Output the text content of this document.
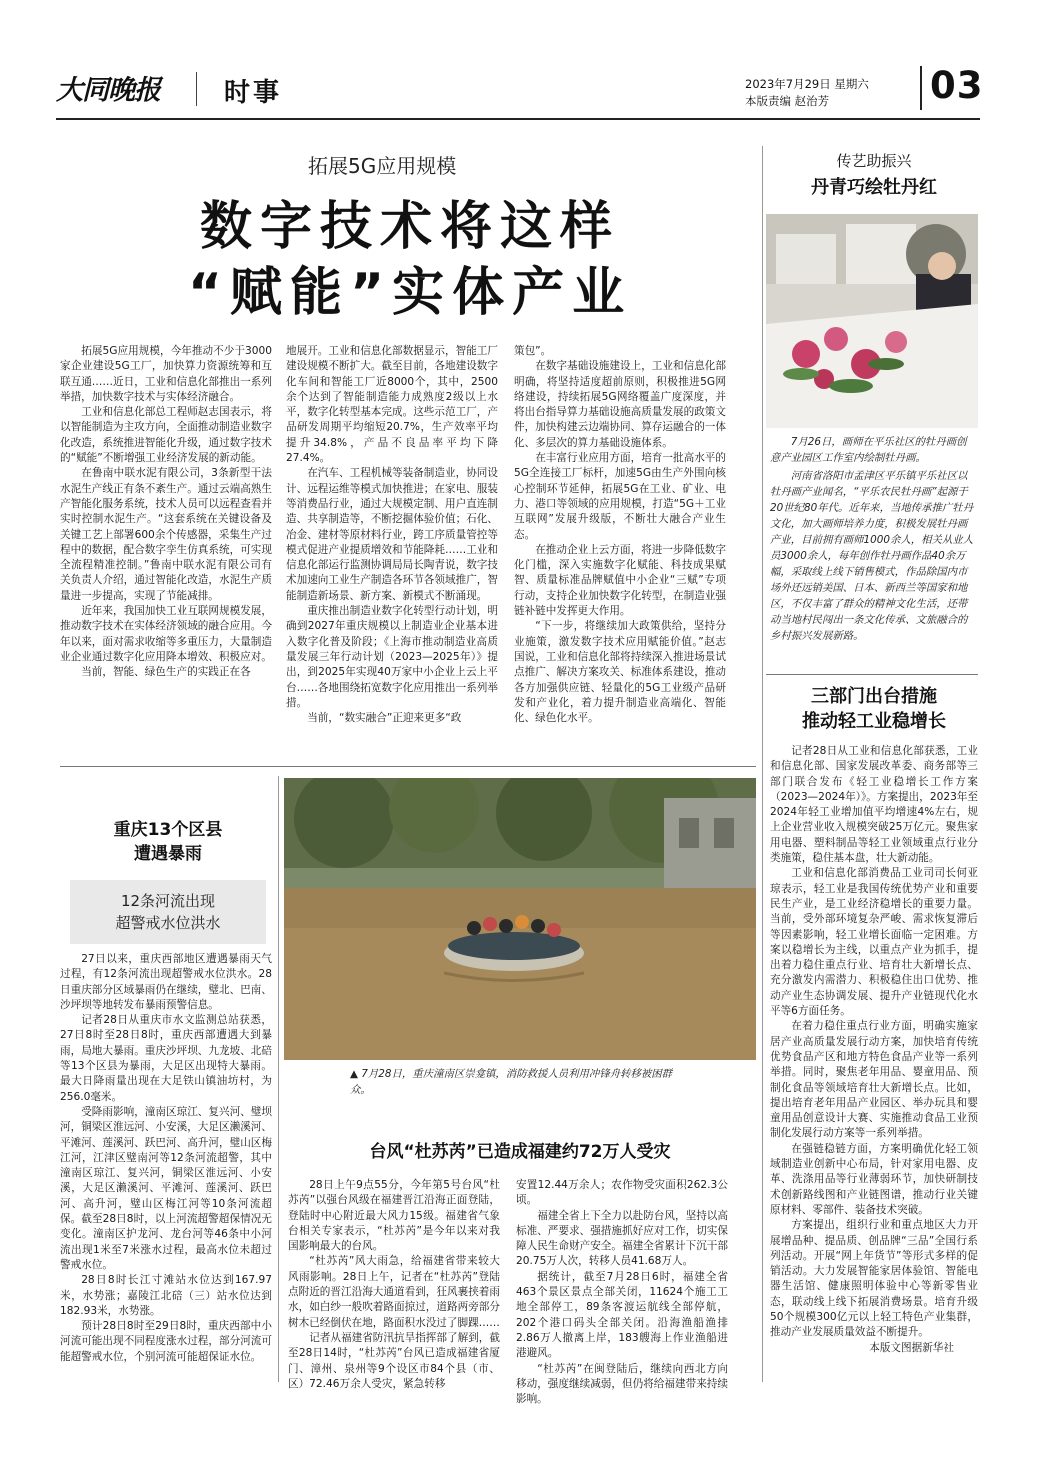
大同晚报	时事	2023年7月29日 星期六
本版责编 赵治芳	03
拓展5G应用规模
数字技术将这样
“赋能”实体产业

拓展5G应用规模，今年推动不少于3000家企业建设5G工厂，加快算力资源统筹和互联互通……近日，工业和信息化部推出一系列举措，加快数字技术与实体经济融合。

工业和信息化部总工程师赵志国表示，将以智能制造为主攻方向，全面推动制造业数字化改造，系统推进智能化升级，通过数字技术的“赋能”不断增强工业经济发展的新动能。

在鲁南中联水泥有限公司，3条新型干法水泥生产线正有条不紊生产。通过云端高熟生产智能化服务系统，技术人员可以远程查看并实时控制水泥生产。“这套系统在关键设备及关键工艺上部署600余个传感器，采集生产过程中的数据，配合数字孪生仿真系统，可实现全流程精准控制。”鲁南中联水泥有限公司有关负责人介绍，通过智能化改造，水泥生产质量进一步提高，实现了节能减排。

近年来，我国加快工业互联网规模发展，推动数字技术在实体经济领域的融合应用。今年以来，面对需求收缩等多重压力，大量制造业企业通过数字化应用降本增效、积极应对。

当前，智能、绿色生产的实践正在各

地展开。工业和信息化部数据显示，智能工厂建设规模不断扩大。截至目前，各地建设数字化车间和智能工厂近8000个，其中，2500余个达到了智能制造能力成熟度2级以上水平，数字化转型基本完成。这些示范工厂，产品研发周期平均缩短20.7%，生产效率平均提升34.8%，产品不良品率平均下降27.4%。

在汽车、工程机械等装备制造业，协同设计、远程运维等模式加快推进；在家电、服装等消费品行业，通过大规模定制、用户直连制造、共享制造等，不断挖掘体验价值；石化、冶金、建材等原材料行业，跨工序质量管控等模式促进产业提质增效和节能降耗……工业和信息化部运行监测协调局局长陶青说，数字技术加速向工业生产制造各环节各领域推广，智能制造新场景、新方案、新模式不断涌现。

重庆推出制造业数字化转型行动计划，明确到2027年重庆规模以上制造业企业基本进入数字化普及阶段；《上海市推动制造业高质量发展三年行动计划（2023—2025年）》提出，到2025年实现40万家中小企业上云上平台……各地围绕拓宽数字化应用推出一系列举措。

当前，“数实融合”正迎来更多“政

策包”。

在数字基础设施建设上，工业和信息化部明确，将坚持适度超前原则，积极推进5G网络建设，持续拓展5G网络覆盖广度深度，并将出台指导算力基础设施高质量发展的政策文件，加快构建云边端协同、算存运融合的一体化、多层次的算力基础设施体系。

在丰富行业应用方面，培育一批高水平的5G全连接工厂标杆，加速5G由生产外围向核心控制环节延伸，拓展5G在工业、矿业、电力、港口等领域的应用规模，打造“5G＋工业互联网”发展升级版，不断壮大融合产业生态。

在推动企业上云方面，将进一步降低数字化门槛，深入实施数字化赋能、科技成果赋智、质量标准品牌赋值中小企业“三赋”专项行动，支持企业加快数字化转型，在制造业强链补链中发挥更大作用。

“下一步，将继续加大政策供给，坚持分业施策，激发数字技术应用赋能价值。”赵志国说，工业和信息化部将持续深入推进场景试点推广、解决方案攻关、标准体系建设，推动各方加强供应链、轻量化的5G工业级产品研发和产业化，着力提升制造业高端化、智能化、绿色化水平。

传艺助振兴
丹青巧绘牡丹红
7月26日，画师在平乐社区的牡丹画创意产业园区工作室内绘制牡丹画。
河南省洛阳市孟津区平乐镇平乐社区以牡丹画产业闻名，“平乐农民牡丹画”起源于20世纪80年代。近年来，当地传承推广牡丹文化，加大画师培养力度，积极发展牡丹画产业，目前拥有画师1000余人，相关从业人员3000余人，每年创作牡丹画作品40余万幅，采取线上线下销售模式，作品除国内市场外还远销美国、日本、新西兰等国家和地区，不仅丰富了群众的精神文化生活，还带动当地村民闯出一条文化传承、文旅融合的乡村振兴发展新路。
三部门出台措施
推动轻工业稳增长

记者28日从工业和信息化部获悉，工业和信息化部、国家发展改革委、商务部等三部门联合发布《轻工业稳增长工作方案（2023—2024年）》。方案提出，2023年至2024年轻工业增加值平均增速4%左右，规上企业营业收入规模突破25万亿元。聚焦家用电器、塑料制品等轻工业领域重点行业分类施策，稳住基本盘，壮大新动能。

工业和信息化部消费品工业司司长何亚琼表示，轻工业是我国传统优势产业和重要民生产业，是工业经济稳增长的重要力量。当前，受外部环境复杂严峻、需求恢复滞后等因素影响，轻工业增长面临一定困难。方案以稳增长为主线，以重点产业为抓手，提出着力稳住重点行业、培育壮大新增长点、充分激发内需潜力、积极稳住出口优势、推动产业生态协调发展、提升产业链现代化水平等6方面任务。

在着力稳住重点行业方面，明确实施家居产业高质量发展行动方案，加快培育传统优势食品产区和地方特色食品产业等一系列举措。同时，聚焦老年用品、婴童用品、预制化食品等领域培育壮大新增长点。比如，提出培育老年用品产业园区、举办玩具和婴童用品创意设计大赛、实施推动食品工业预制化发展行动方案等一系列举措。

在强链稳链方面，方案明确优化轻工领域制造业创新中心布局，针对家用电器、皮革、洗涤用品等行业薄弱环节，加快研制技术创新路线图和产业链图谱，推动行业关键原材料、零部件、装备技术突破。

方案提出，组织行业和重点地区大力开展增品种、提品质、创品牌“三品”全国行系列活动。开展“网上年货节”等形式多样的促销活动。大力发展智能家居体验馆、智能电器生活馆、健康照明体验中心等新零售业态，联动线上线下拓展消费场景。培育升级50个规模300亿元以上轻工特色产业集群，推动产业发展质量效益不断提升。

本版文图据新华社
▲ 7月28日，重庆潼南区崇龛镇，消防救援人员利用冲锋舟转移被困群众。
重庆13个区县
遭遇暴雨
12条河流出现
超警戒水位洪水

27日以来，重庆西部地区遭遇暴雨天气过程，有12条河流出现超警戒水位洪水。28日重庆部分区域暴雨仍在继续，璧北、巴南、沙坪坝等地转发布暴雨预警信息。

记者28日从重庆市水文监测总站获悉，27日8时至28日8时，重庆西部遭遇大到暴雨，局地大暴雨。重庆沙坪坝、九龙坡、北碚等13个区县为暴雨，大足区出现特大暴雨。最大日降雨量出现在大足铁山镇油坊村，为256.0毫米。

受降雨影响，潼南区琼江、复兴河、璧坝河，铜梁区淮远河、小安溪，大足区濑溪河、平滩河、莲溪河、跃巴河、高升河，璧山区梅江河，江津区璧南河等12条河流超警，其中潼南区琼江、复兴河，铜梁区淮远河、小安溪，大足区濑溪河、平滩河、莲溪河、跃巴河、高升河，璧山区梅江河等10条河流超保。截至28日8时，以上河流超警超保情况无变化。潼南区护龙河、龙台河等46条中小河流出现1米至7米涨水过程，最高水位未超过警戒水位。

28日8时长江寸滩站水位达到167.97米，水势涨；嘉陵江北碚（三）站水位达到182.93米，水势涨。

预计28日8时至29日8时，重庆西部中小河流可能出现不同程度涨水过程，部分河流可能超警戒水位，个别河流可能超保证水位。

台风“杜苏芮”已造成福建约72万人受灾

28日上午9点55分，今年第5号台风“杜苏芮”以强台风级在福建晋江沿海正面登陆，登陆时中心附近最大风力15级。福建省气象台相关专家表示，“杜苏芮”是今年以来对我国影响最大的台风。

“杜苏芮”风大雨急，给福建省带来较大风雨影响。28日上午，记者在“杜苏芮”登陆点附近的晋江沿海大通道看到，狂风裹挟着雨水，如白纱一般吹着路面掠过，道路两旁部分树木已经倒伏在地，路面积水没过了脚踝……

记者从福建省防汛抗旱指挥部了解到，截至28日14时，“杜苏芮”台风已造成福建省厦门、漳州、泉州等9个设区市84个县（市、区）72.46万余人受灾，紧急转移

安置12.44万余人；农作物受灾面积262.3公顷。

福建全省上下全力以赴防台风，坚持以高标准、严要求、强措施抓好应对工作，切实保障人民生命财产安全。福建全省累计下沉干部20.75万人次，转移人员41.68万人。

据统计，截至7月28日6时，福建全省463个景区景点全部关闭，11624个施工工地全部停工，89条客渡运航线全部停航，202个港口码头全部关闭。沿海渔船渔排2.86万人撤离上岸，183艘海上作业渔船进港避风。

“杜苏芮”在闽登陆后，继续向西北方向移动，强度继续减弱，但仍将给福建带来持续影响。
